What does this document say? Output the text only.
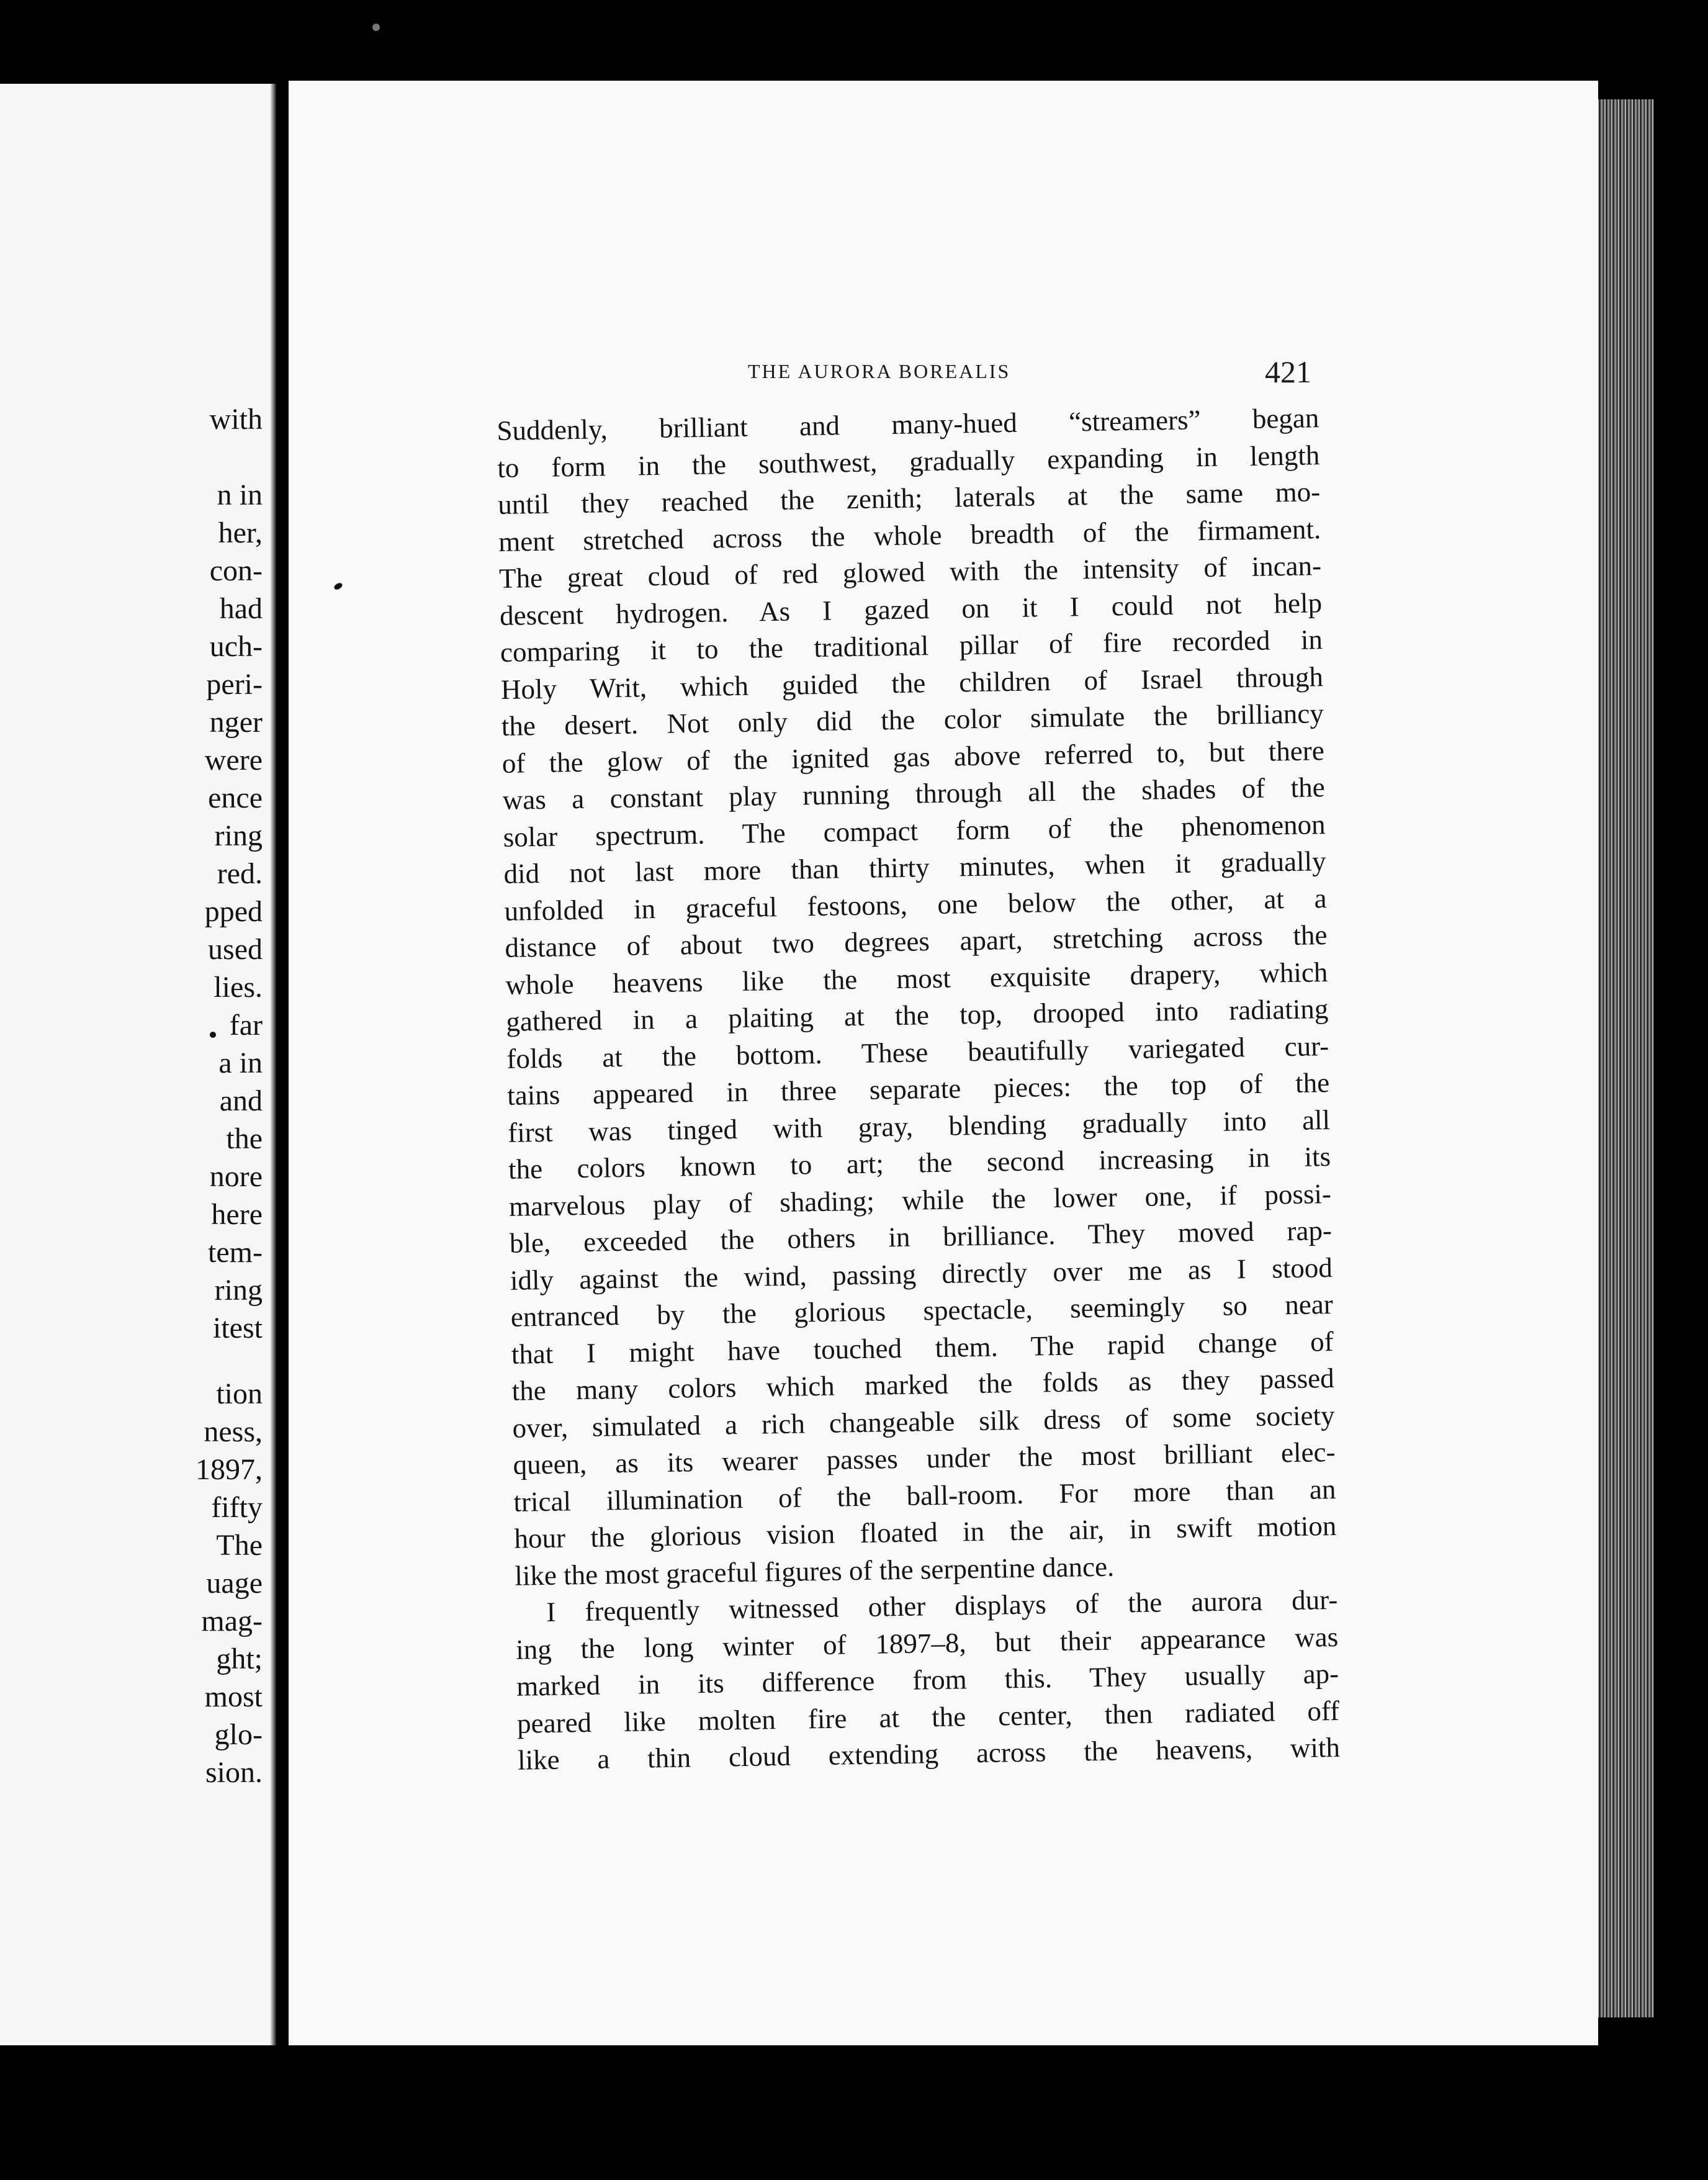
with
n in
her,
con-
had
uch-
peri-
nger
were
ence
ring
red.
pped
used
lies.
far
a in
and
the
nore
here
tem-
ring
itest
tion
ness,
1897,
fifty
The
uage
mag-
ght;
most
glo-
sion.
THE AURORA BOREALIS	421
Suddenly, brilliant and many-hued “streamers” began
to form in the southwest, gradually expanding in length
until they reached the zenith; laterals at the same mo-
ment stretched across the whole breadth of the firmament.
The great cloud of red glowed with the intensity of incan-
descent hydrogen. As I gazed on it I could not help
comparing it to the traditional pillar of fire recorded in
Holy Writ, which guided the children of Israel through
the desert. Not only did the color simulate the brilliancy
of the glow of the ignited gas above referred to, but there
was a constant play running through all the shades of the
solar spectrum. The compact form of the phenomenon
did not last more than thirty minutes, when it gradually
unfolded in graceful festoons, one below the other, at a
distance of about two degrees apart, stretching across the
whole heavens like the most exquisite drapery, which
gathered in a plaiting at the top, drooped into radiating
folds at the bottom. These beautifully variegated cur-
tains appeared in three separate pieces: the top of the
first was tinged with gray, blending gradually into all
the colors known to art; the second increasing in its
marvelous play of shading; while the lower one, if possi-
ble, exceeded the others in brilliance. They moved rap-
idly against the wind, passing directly over me as I stood
entranced by the glorious spectacle, seemingly so near
that I might have touched them. The rapid change of
the many colors which marked the folds as they passed
over, simulated a rich changeable silk dress of some society
queen, as its wearer passes under the most brilliant elec-
trical illumination of the ball-room. For more than an
hour the glorious vision floated in the air, in swift motion
like the most graceful figures of the serpentine dance.
I frequently witnessed other displays of the aurora dur-
ing the long winter of 1897–8, but their appearance was
marked in its difference from this. They usually ap-
peared like molten fire at the center, then radiated off
like a thin cloud extending across the heavens, with
